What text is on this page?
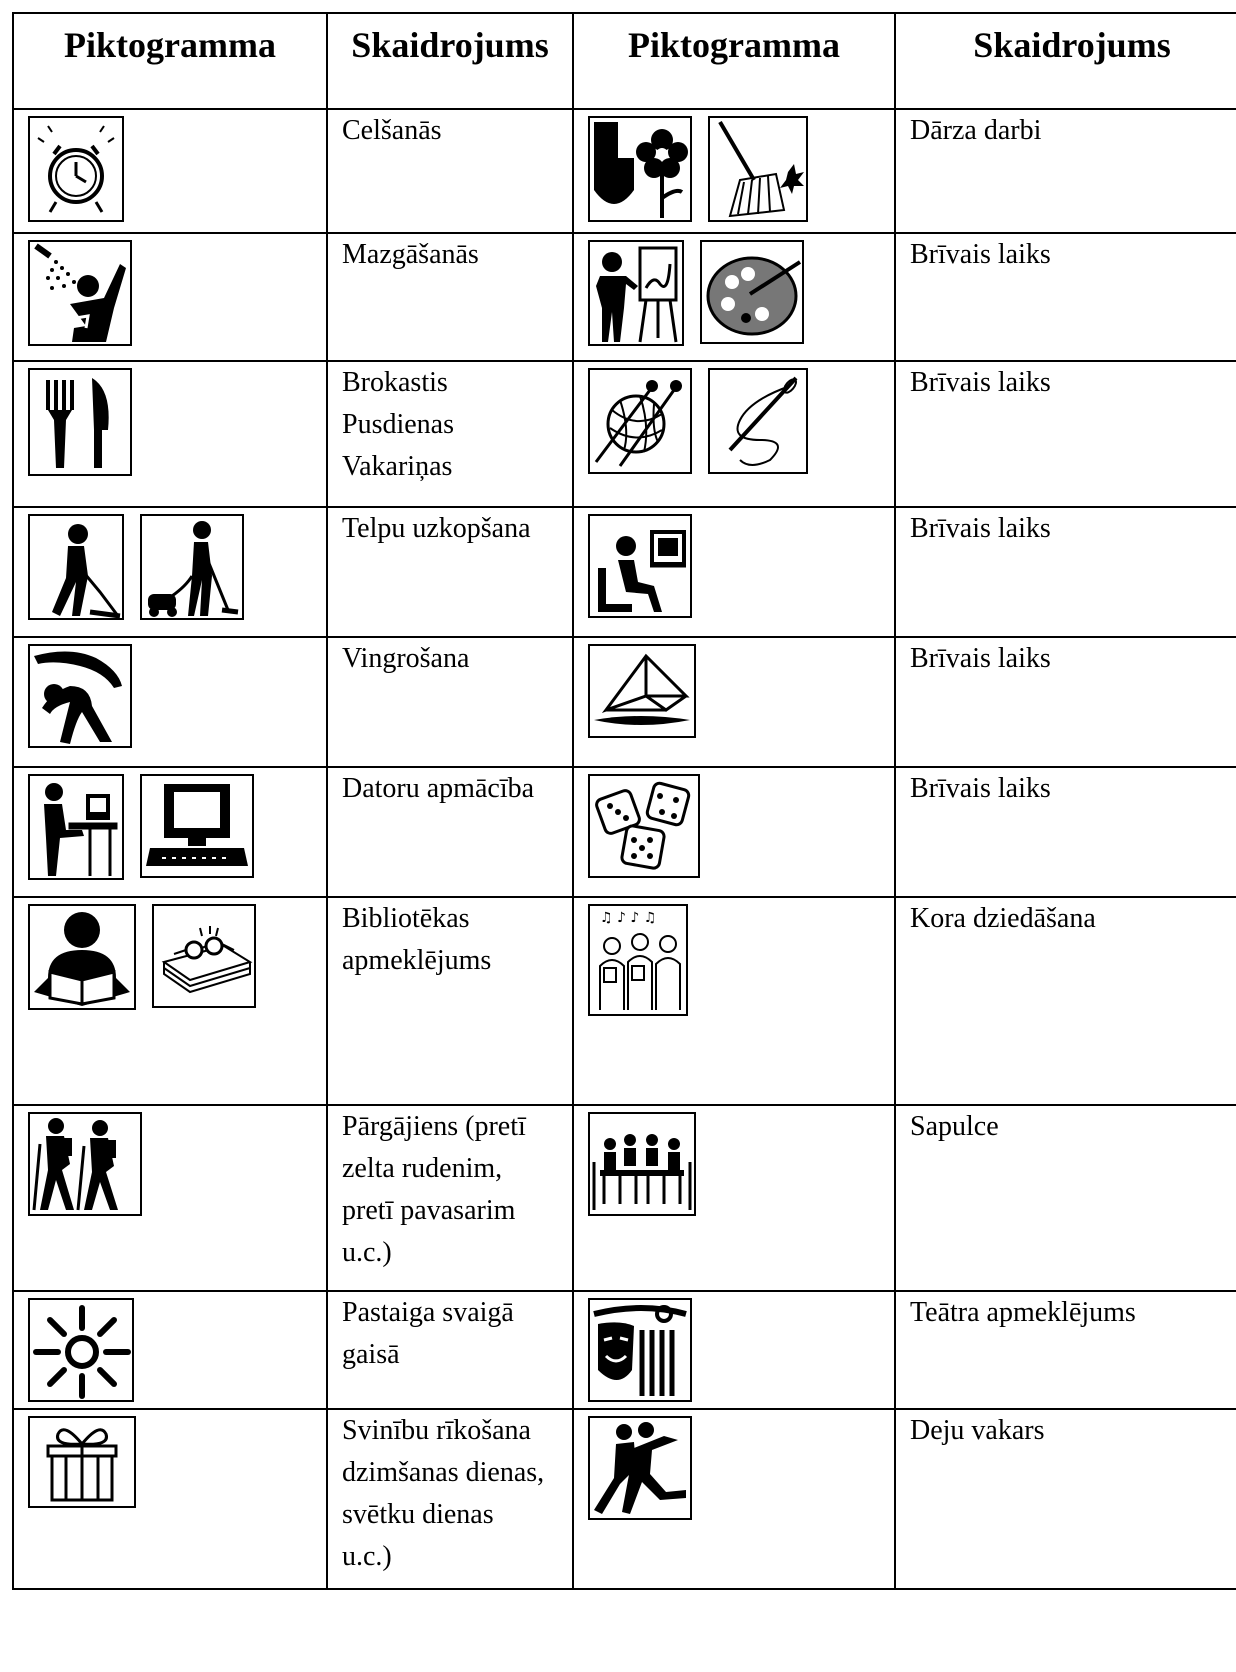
Piktogramma	Skaidrojums	Piktogramma	Skaidrojums

	Celšanās		Dārza darbi

	Mazgāšanās		Brīvais laiks

	Brokastis
Pusdienas
Vakariņas		Brīvais laiks

	Telpu uzkopšana		Brīvais laiks

	Vingrošana		Brīvais laiks

	Datoru apmācība		Brīvais laiks

	Bibliotēkas
apmeklējums	♫ ♪ ♪ ♫	Kora dziedāšana

	Pārgājiens (pretī
zelta rudenim,
pretī pavasarim
u.c.)		Sapulce

	Pastaiga svaigā
gaisā		Teātra apmeklējums

	Svinību rīkošana
dzimšanas dienas,
svētku dienas
u.c.)		Deju vakars
